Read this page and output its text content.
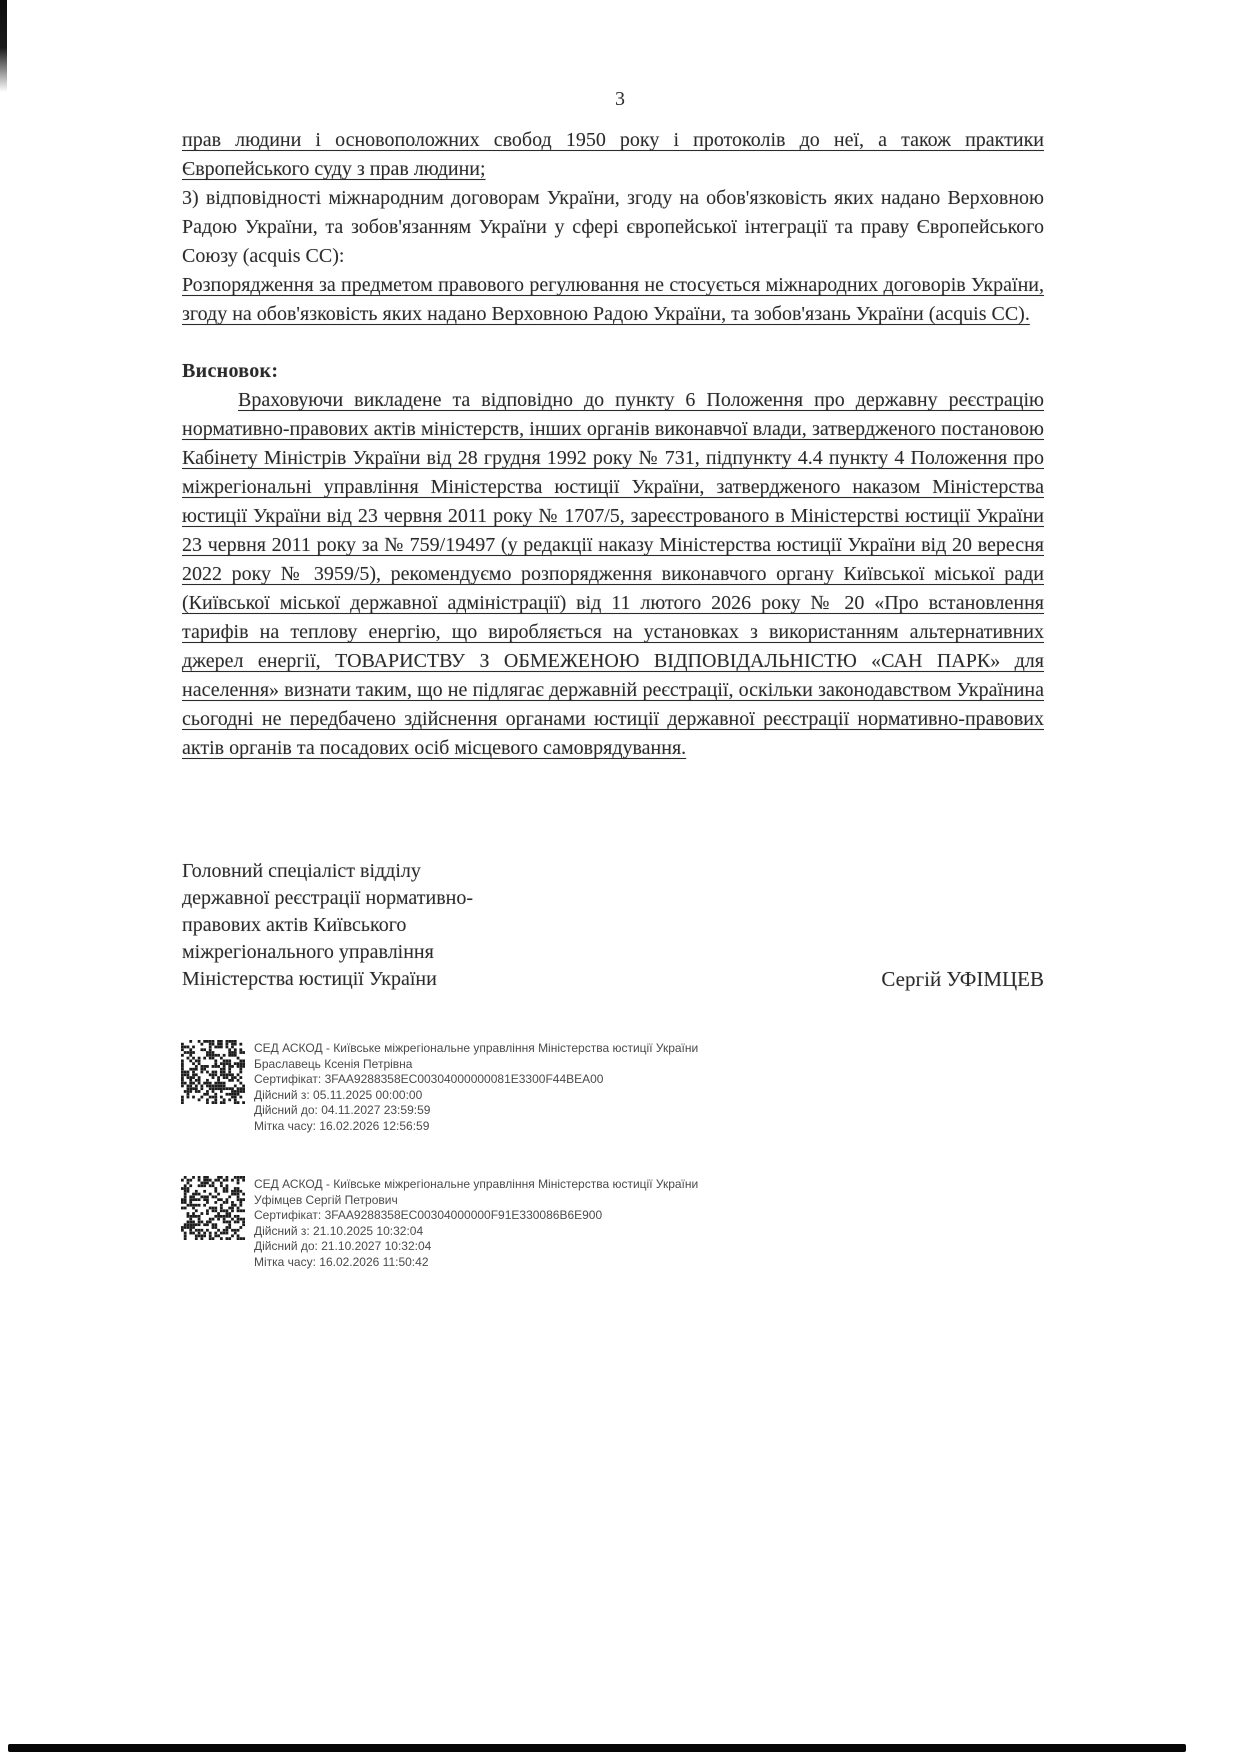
3

прав людини і основоположних свобод 1950 року і протоколів до неї, а також практики Європейського суду з прав людини;

3) відповідності міжнародним договорам України, згоду на обов'язковість яких надано Верховною Радою України, та зобов'язанням України у сфері європейської інтеграції та праву Європейського Союзу (acquis CC):

Розпорядження за предметом правового регулювання не стосується міжнародних договорів України, згоду на обов'язковість яких надано Верховною Радою України, та зобов'язань України (acquis CC).

Висновок:

Враховуючи викладене та відповідно до пункту 6 Положення про державну реєстрацію нормативно-правових актів міністерств, інших органів виконавчої влади, затвердженого постановою Кабінету Міністрів України від 28 грудня 1992 року № 731, підпункту 4.4 пункту 4 Положення про міжрегіональні управління Міністерства юстиції України, затвердженого наказом Міністерства юстиції України від 23 червня 2011 року № 1707/5, зареєстрованого в Міністерстві юстиції України 23 червня 2011 року за № 759/19497 (у редакції наказу Міністерства юстиції України від 20 вересня 2022 року № 3959/5), рекомендуємо розпорядження виконавчого органу Київської міської ради (Київської міської державної адміністрації) від 11 лютого 2026 року № 20 «Про встановлення тарифів на теплову енергію, що виробляється на установках з використанням альтернативних джерел енергії, ТОВАРИСТВУ З ОБМЕЖЕНОЮ ВІДПОВІДАЛЬНІСТЮ «САН ПАРК» для населення» визнати таким, що не підлягає державній реєстрації, оскільки законодавством Українина сьогодні не передбачено здійснення органами юстиції державної реєстрації нормативно-правових актів органів та посадових осіб місцевого самоврядування.

Головний спеціаліст відділу
державної реєстрації нормативно-
правових актів Київського
міжрегіонального управління
Міністерства юстиції України	Сергій УФІМЦЕВ
СЕД АСКОД - Київське міжрегіональне управління Міністерства юстиції України
Браславець Ксенія Петрівна
Сертифікат: 3FAA9288358EC00304000000081E3300F44BEA00
Дійсний з: 05.11.2025 00:00:00
Дійсний до: 04.11.2027 23:59:59
Мітка часу: 16.02.2026 12:56:59
СЕД АСКОД - Київське міжрегіональне управління Міністерства юстиції України
Уфімцев Сергій Петрович
Сертифікат: 3FAA9288358EC00304000000F91E330086B6E900
Дійсний з: 21.10.2025 10:32:04
Дійсний до: 21.10.2027 10:32:04
Мітка часу: 16.02.2026 11:50:42
